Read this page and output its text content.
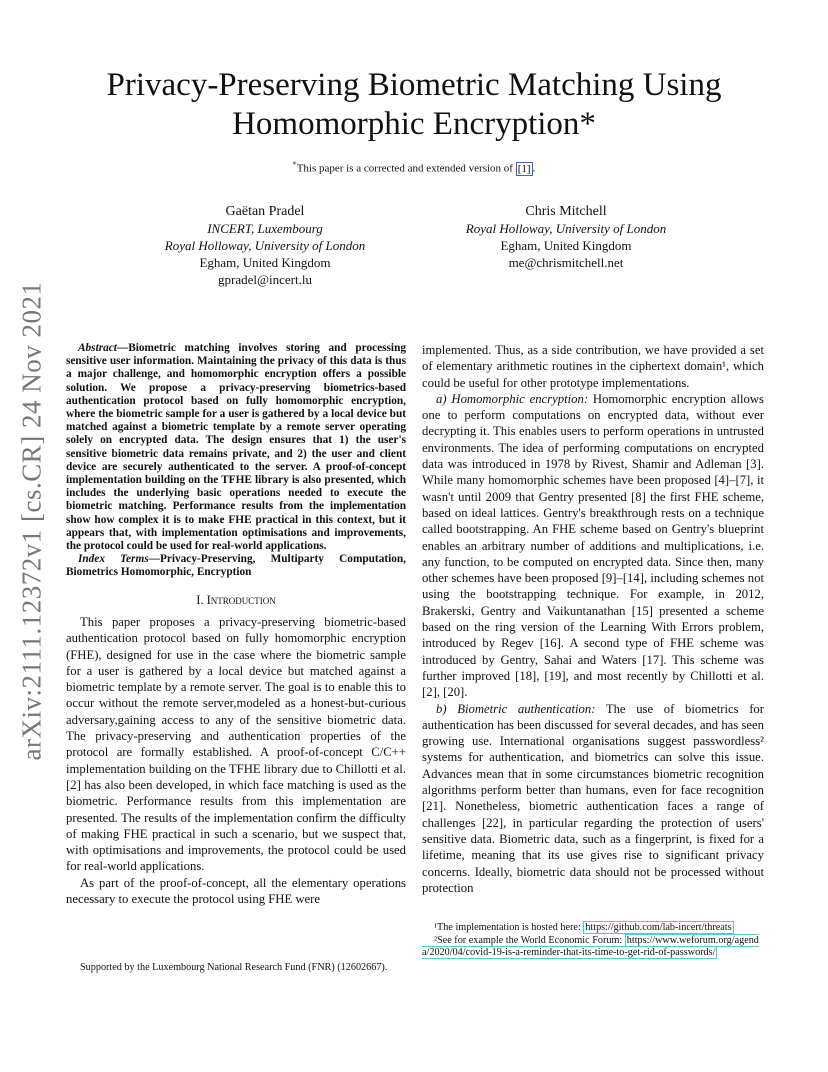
arXiv:2111.12372v1 [cs.CR] 24 Nov 2021
Privacy-Preserving Biometric Matching Using
Homomorphic Encryption*
*This paper is a corrected and extended version of [1] .
Gaëtan Pradel
INCERT, Luxembourg
Royal Holloway, University of London
Egham, United Kingdom
gpradel@incert.lu
Chris Mitchell
Royal Holloway, University of London
Egham, United Kingdom
me@chrismitchell.net

Abstract—Biometric matching involves storing and processing sensitive user information. Maintaining the privacy of this data is thus a major challenge, and homomorphic encryption offers a possible solution. We propose a privacy-preserving biometrics-based authentication protocol based on fully homomorphic encryption, where the biometric sample for a user is gathered by a local device but matched against a biometric template by a remote server operating solely on encrypted data. The design ensures that 1) the user's sensitive biometric data remains private, and 2) the user and client device are securely authenticated to the server. A proof-of-concept implementation building on the TFHE library is also presented, which includes the underlying basic operations needed to execute the biometric matching. Performance results from the implementation show how complex it is to make FHE practical in this context, but it appears that, with implementation optimisations and improvements, the protocol could be used for real-world applications.

Index Terms—Privacy-Preserving, Multiparty Computation, Biometrics Homomorphic, Encryption

I. Introduction

This paper proposes a privacy-preserving biometric-based authentication protocol based on fully homomorphic encryption (FHE), designed for use in the case where the biometric sample for a user is gathered by a local device but matched against a biometric template by a remote server. The goal is to enable this to occur without the remote server,modeled as a honest-but-curious adversary,gaining access to any of the sensitive biometric data. The privacy-preserving and authentication properties of the protocol are formally established. A proof-of-concept C/C++ implementation building on the TFHE library due to Chillotti et al. [2] has also been developed, in which face matching is used as the biometric. Performance results from this implementation are presented. The results of the implementation confirm the difficulty of making FHE practical in such a scenario, but we suspect that, with optimisations and improvements, the protocol could be used for real-world applications.

As part of the proof-of-concept, all the elementary operations necessary to execute the protocol using FHE were

Supported by the Luxembourg National Research Fund (FNR) (12602667).

implemented. Thus, as a side contribution, we have provided a set of elementary arithmetic routines in the ciphertext domain¹, which could be useful for other prototype implementations.

a) Homomorphic encryption: Homomorphic encryption allows one to perform computations on encrypted data, without ever decrypting it. This enables users to perform operations in untrusted environments. The idea of performing computations on encrypted data was introduced in 1978 by Rivest, Shamir and Adleman [3]. While many homomorphic schemes have been proposed [4]–[7], it wasn't until 2009 that Gentry presented [8] the first FHE scheme, based on ideal lattices. Gentry's breakthrough rests on a technique called bootstrapping. An FHE scheme based on Gentry's blueprint enables an arbitrary number of additions and multiplications, i.e. any function, to be computed on encrypted data. Since then, many other schemes have been proposed [9]–[14], including schemes not using the bootstrapping technique. For example, in 2012, Brakerski, Gentry and Vaikuntanathan [15] presented a scheme based on the ring version of the Learning With Errors problem, introduced by Regev [16]. A second type of FHE scheme was introduced by Gentry, Sahai and Waters [17]. This scheme was further improved [18], [19], and most recently by Chillotti et al. [2], [20].

b) Biometric authentication: The use of biometrics for authentication has been discussed for several decades, and has seen growing use. International organisations suggest passwordless² systems for authentication, and biometrics can solve this issue. Advances mean that in some circumstances biometric recognition algorithms perform better than humans, even for face recognition [21]. Nonetheless, biometric authentication faces a range of challenges [22], in particular regarding the protection of users' sensitive data. Biometric data, such as a fingerprint, is fixed for a lifetime, meaning that its use gives rise to significant privacy concerns. Ideally, biometric data should not be processed without protection

¹The implementation is hosted here: https://github.com/lab-incert/threats

²See for example the World Economic Forum: https://www.weforum.org/agenda/2020/04/covid-19-is-a-reminder-that-its-time-to-get-rid-of-passwords/
